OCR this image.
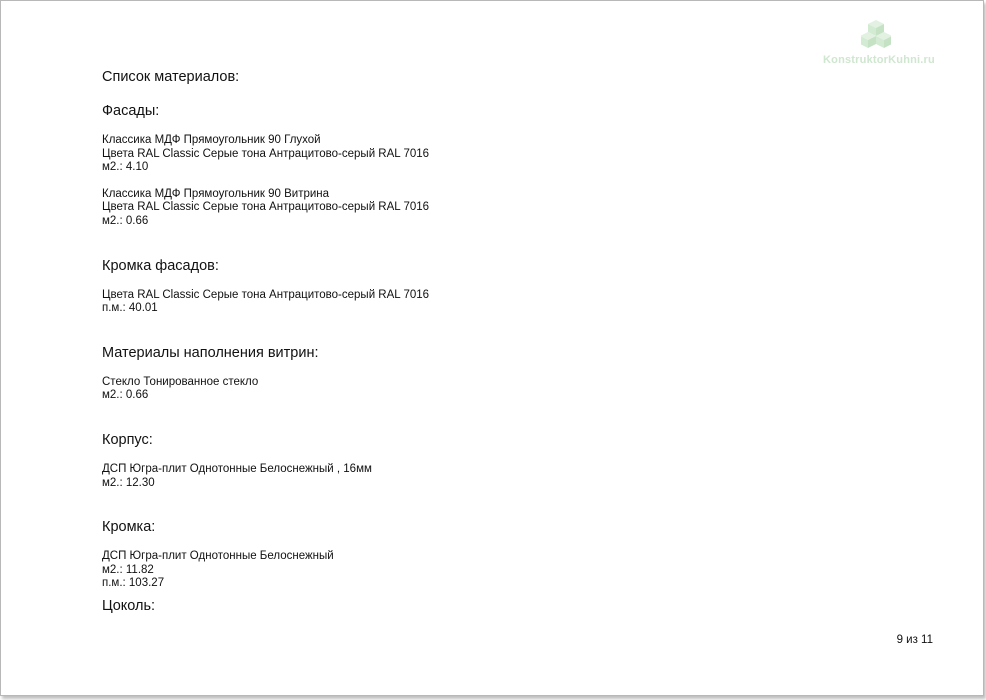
KonstruktorKuhni.ru
Список материалов:
Фасады:
Классика МДФ Прямоугольник 90 Глухой
Цвета RAL Classic Серые тона Антрацитово-серый RAL 7016
м2.: 4.10
Классика МДФ Прямоугольник 90 Витрина
Цвета RAL Classic Серые тона Антрацитово-серый RAL 7016
м2.: 0.66
Кромка фасадов:
Цвета RAL Classic Серые тона Антрацитово-серый RAL 7016
п.м.: 40.01
Материалы наполнения витрин:
Стекло Тонированное стекло
м2.: 0.66
Корпус:
ДСП Югра-плит Однотонные Белоснежный , 16мм
м2.: 12.30
Кромка:
ДСП Югра-плит Однотонные Белоснежный
м2.: 11.82
п.м.: 103.27
Цоколь:
9 из 11
